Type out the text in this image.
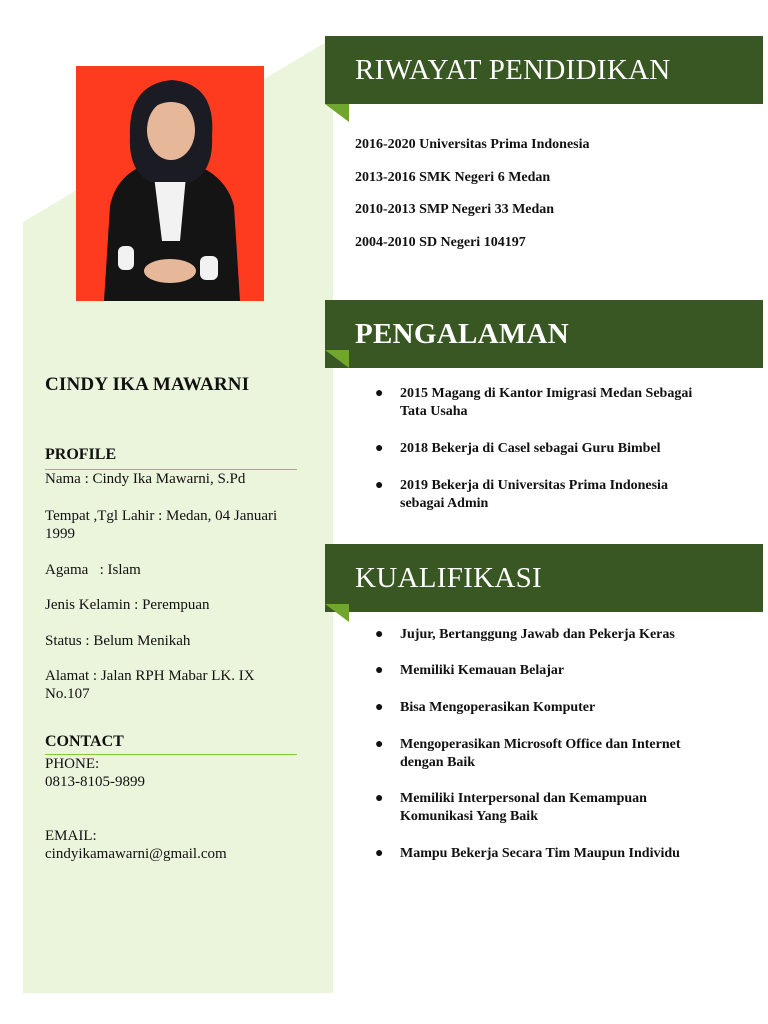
CINDY IKA MAWARNI
PROFILE
Nama : Cindy Ika Mawarni, S.Pd
Tempat ,Tgl Lahir : Medan, 04 Januari
1999
Agama   : Islam
Jenis Kelamin : Perempuan
Status : Belum Menikah
Alamat : Jalan RPH Mabar LK. IX
No.107
CONTACT
PHONE:
0813-8105-9899
EMAIL:
cindyikamawarni@gmail.com
RIWAYAT PENDIDIKAN
2016-2020 Universitas Prima Indonesia
2013-2016 SMK Negeri 6 Medan
2010-2013 SMP Negeri 33 Medan
2004-2010 SD Negeri 104197
PENGALAMAN
● 2015 Magang di Kantor Imigrasi Medan Sebagai
Tata Usaha
● 2018 Bekerja di Casel sebagai Guru Bimbel
● 2019 Bekerja di Universitas Prima Indonesia
sebagai Admin
KUALIFIKASI
● Jujur, Bertanggung Jawab dan Pekerja Keras
● Memiliki Kemauan Belajar
● Bisa Mengoperasikan Komputer
● Mengoperasikan Microsoft Office dan Internet
dengan Baik
● Memiliki Interpersonal dan Kemampuan
Komunikasi Yang Baik
● Mampu Bekerja Secara Tim Maupun Individu
